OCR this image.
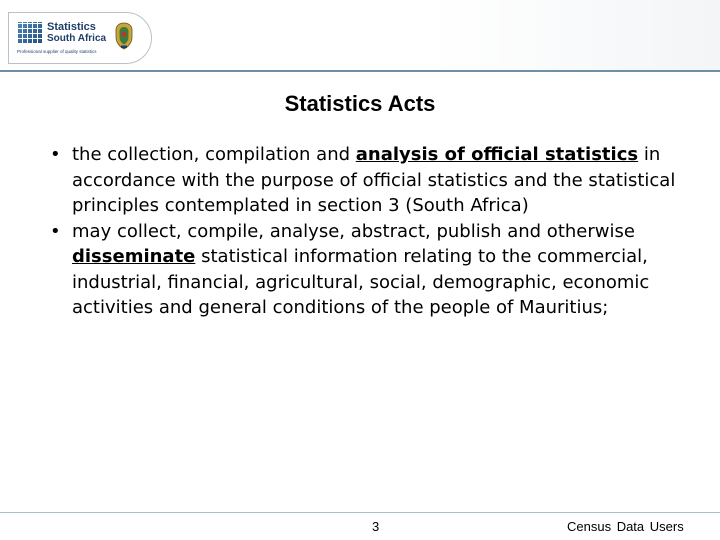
Statistics
South Africa
Professional supplier of quality statistics
Statistics Acts
• the collection, compilation and analysis of official statistics in accordance with the purpose of official statistics and the statistical principles contemplated in section 3 (South Africa)
• may collect, compile, analyse, abstract, publish and otherwise disseminate statistical information relating to the commercial, industrial, financial, agricultural, social, demographic, economic activities and general conditions of the people of Mauritius;
3	Census Data Users
